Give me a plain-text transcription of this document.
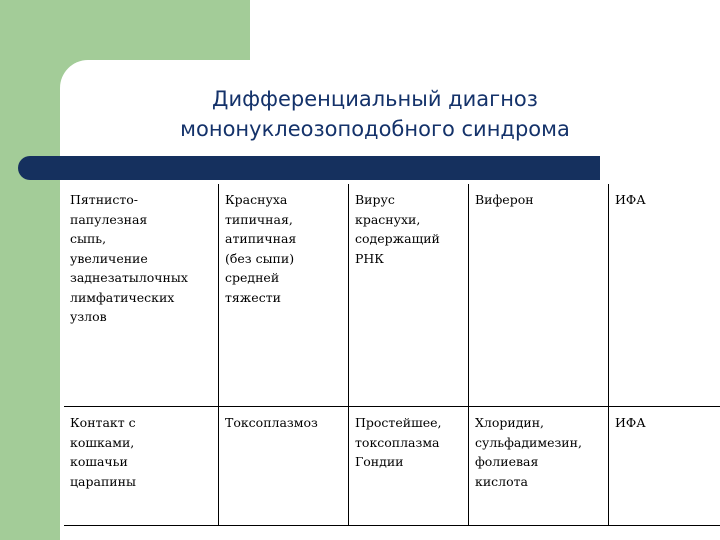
Дифференциальный диагноз
мононуклеозоподобного синдрома
Пятнисто-
папулезная
сыпь,
увеличение
заднезатылочных
лимфатических
узлов
Краснуха
типичная,
атипичная
(без сыпи)
средней
тяжести
Вирус
краснухи,
содержащий
РНК
Виферон	ИФА
Контакт с
кошками,
кошачьи
царапины
Токсоплазмоз	Простейшее,
токсоплазма
Гондии
Хлоридин,
сульфадимезин,
фолиевая
кислота
ИФА
